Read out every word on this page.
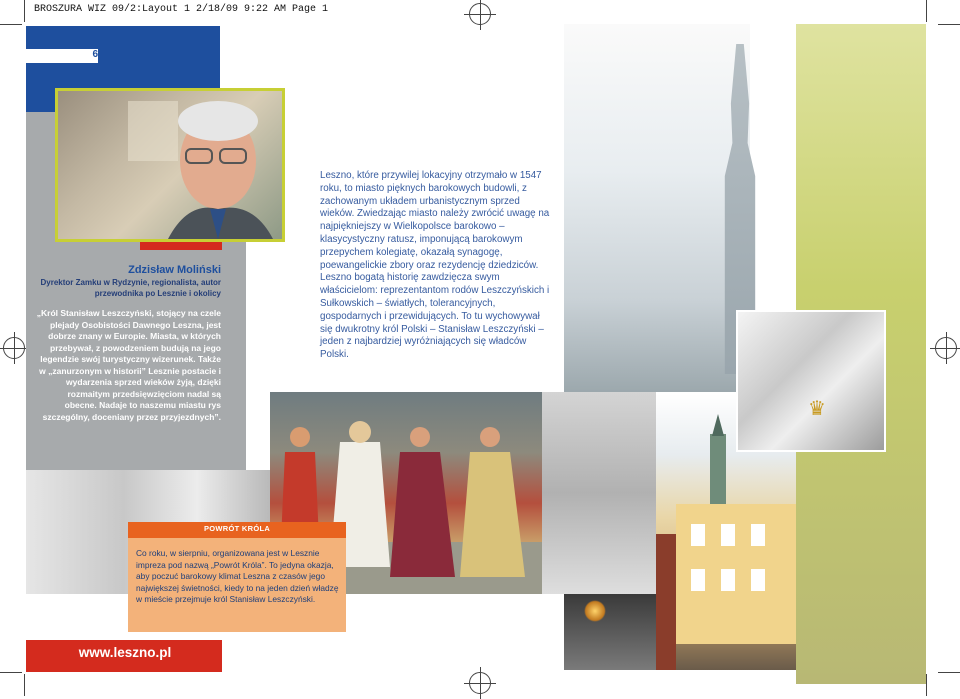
BROSZURA WIZ 09/2:Layout 1 2/18/09 9:22 AM Page 1
6
Zdzisław Moliński
Dyrektor Zamku w Rydzynie, regionalista, autor przewodnika po Lesznie i okolicy
„Król Stanisław Leszczyński, stojący na czele plejady Osobistości Dawnego Leszna, jest dobrze znany w Europie. Miasta, w których przebywał, z powodzeniem budują na jego legendzie swój turystyczny wizerunek. Także w „zanurzonym w historii” Lesznie postacie i wydarzenia sprzed wieków żyją, dzięki rozmaitym przedsięwzięciom nadal są obecne. Nadaje to naszemu miastu rys szczególny, doceniany przez przyjezdnych”.
Leszno, które przywilej lokacyjny otrzymało w 1547 roku, to miasto pięknych barokowych budowli, z zachowanym układem urbanistycznym sprzed wieków. Zwiedzając miasto należy zwrócić uwagę na najpiękniejszy w Wielkopolsce barokowo – klasycystyczny ratusz, imponującą barokowym przepychem kolegiatę, okazałą synagogę, poewangelickie zbory oraz rezydencję dziedziców. Leszno bogatą historię zawdzięcza swym właścicielom: reprezentantom rodów Leszczyńskich i Sułkowskich – światłych, tolerancyjnych, gospodarnych i przewidujących. To tu wychowywał się dwukrotny król Polski – Stanisław Leszczyński – jeden z najbardziej wyróżniających się władców Polski.
♛
POWRÓT KRÓLA
Co roku, w sierpniu, organizowana jest w Lesznie impreza pod nazwą „Powrót Króla”. To jedyna okazja, aby poczuć barokowy klimat Leszna z czasów jego największej świetności, kiedy to na jeden dzień władzę w mieście przejmuje król Stanisław Leszczyński.
www.leszno.pl
